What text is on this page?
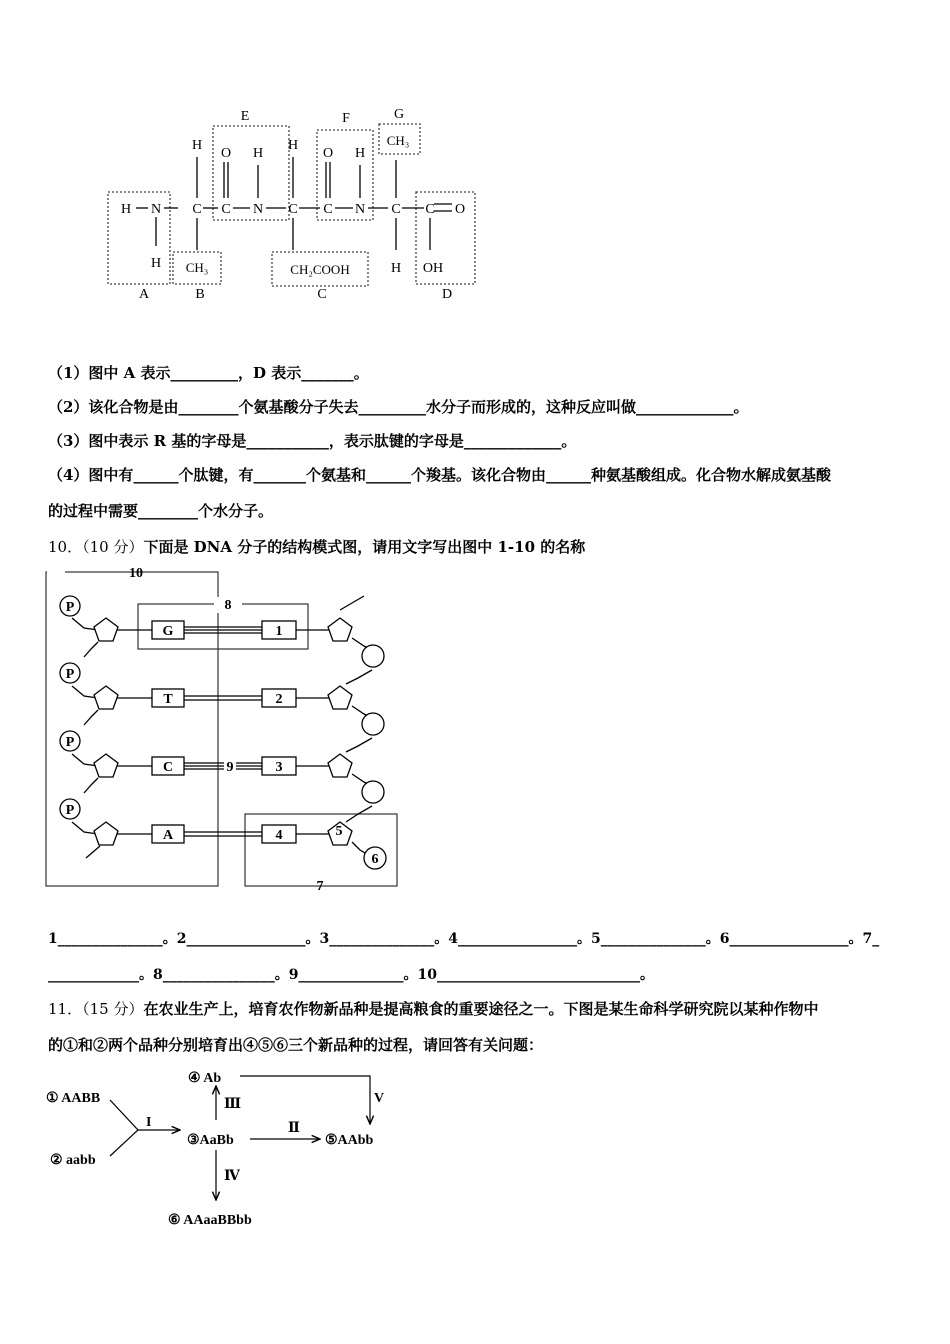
H N
H
H
C
CH₃
O
C
H
N
H
C
CH₂COOH
O
C
H
N
CH₃
C
H
C O
OH
A	B	C	D
E	F	G
（1）图中 A 表示_________，D 表示_______。
（2）该化合物是由________个氨基酸分子失去_________水分子而形成的，这种反应叫做_____________。
（3）图中表示 R 基的字母是___________，表示肽键的字母是_____________。
（4）图中有______个肽键，有_______个氨基和______个羧基。该化合物由______种氨基酸组成。化合物水解成氨基酸
的过程中需要________个水分子。
10．（10 分）下面是 DNA 分子的结构模式图，请用文字写出图中 1-10 的名称
P
P
P
P
G
T
C
A
1
2
3
4	5
6
7
8
9
10
1_______________。2_________________。3_______________。4_________________。5_______________。6_________________。7_
_____________。8________________。9_______________。10_____________________________。
11．（15 分）在农业生产上，培育农作物新品种是提高粮食的重要途径之一。下图是某生命科学研究院以某种作物中
的①和②两个品种分别培育出④⑤⑥三个新品种的过程，请回答有关问题：
① AABB
② aabb
③AaBb
④ Ab
⑤AAbb
⑥ AAaaBBbb
I	Ⅱ
Ⅲ
Ⅳ
V
